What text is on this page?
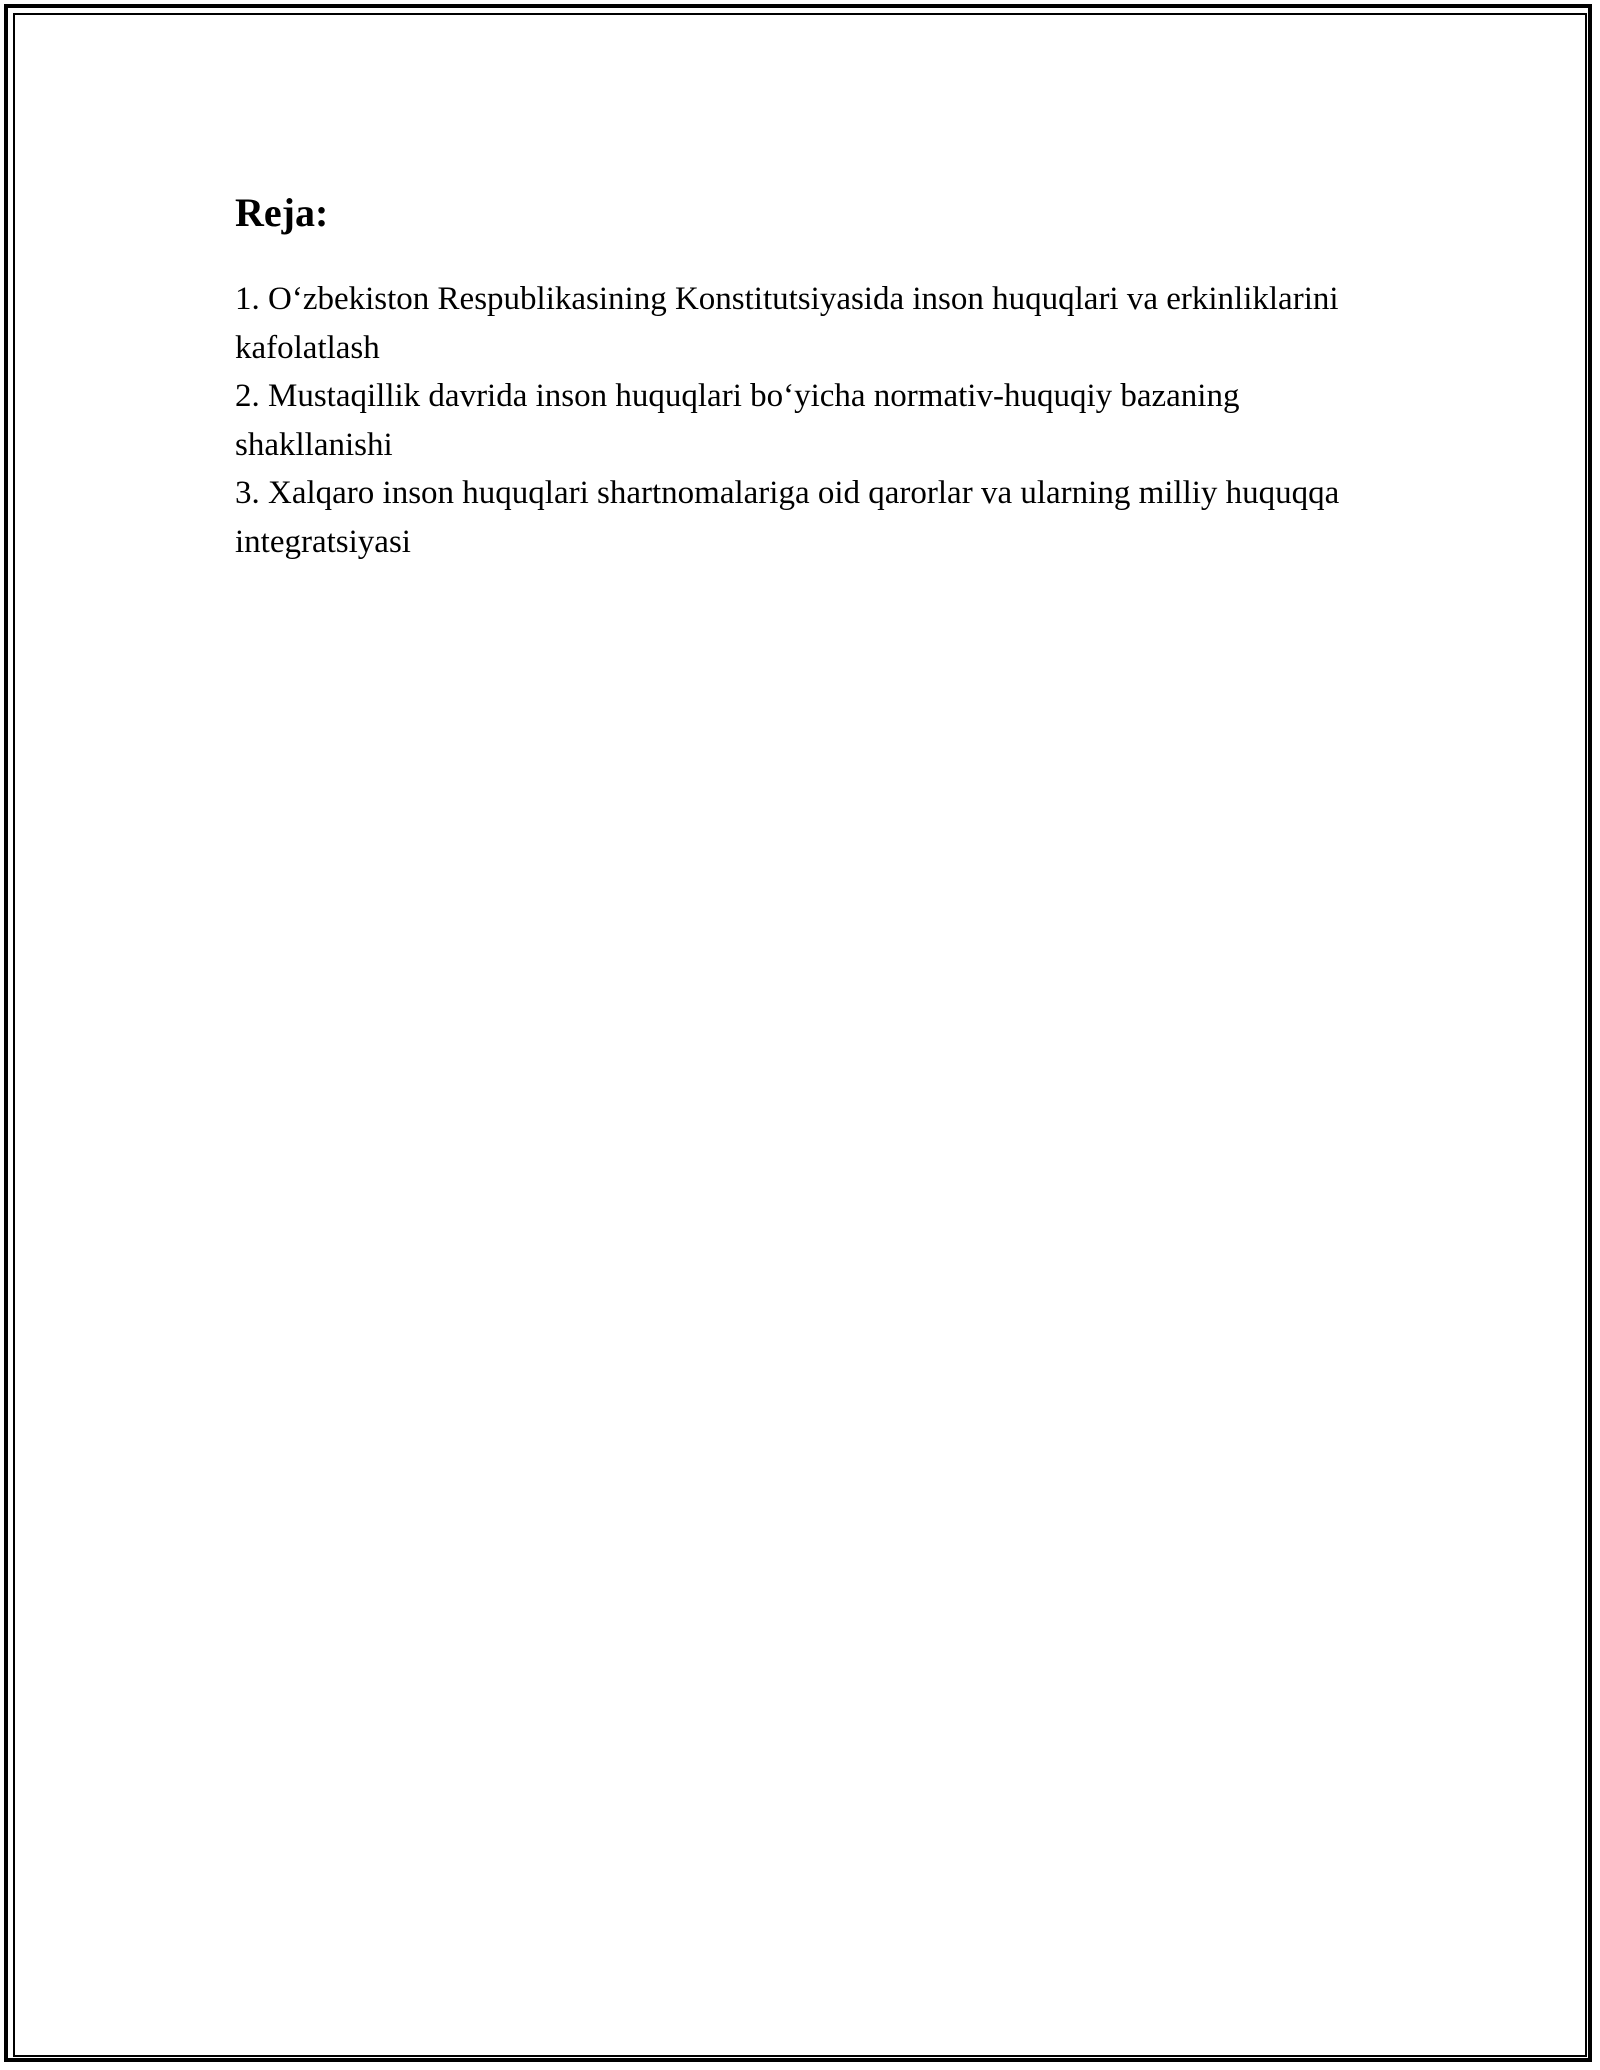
Reja:
1. O‘zbekiston Respublikasining Konstitutsiyasida inson huquqlari va erkinliklarini kafolatlash
2. Mustaqillik davrida inson huquqlari bo‘yicha normativ-huquqiy bazaning shakllanishi
3. Xalqaro inson huquqlari shartnomalariga oid qarorlar va ularning milliy huquqqa integratsiyasi
